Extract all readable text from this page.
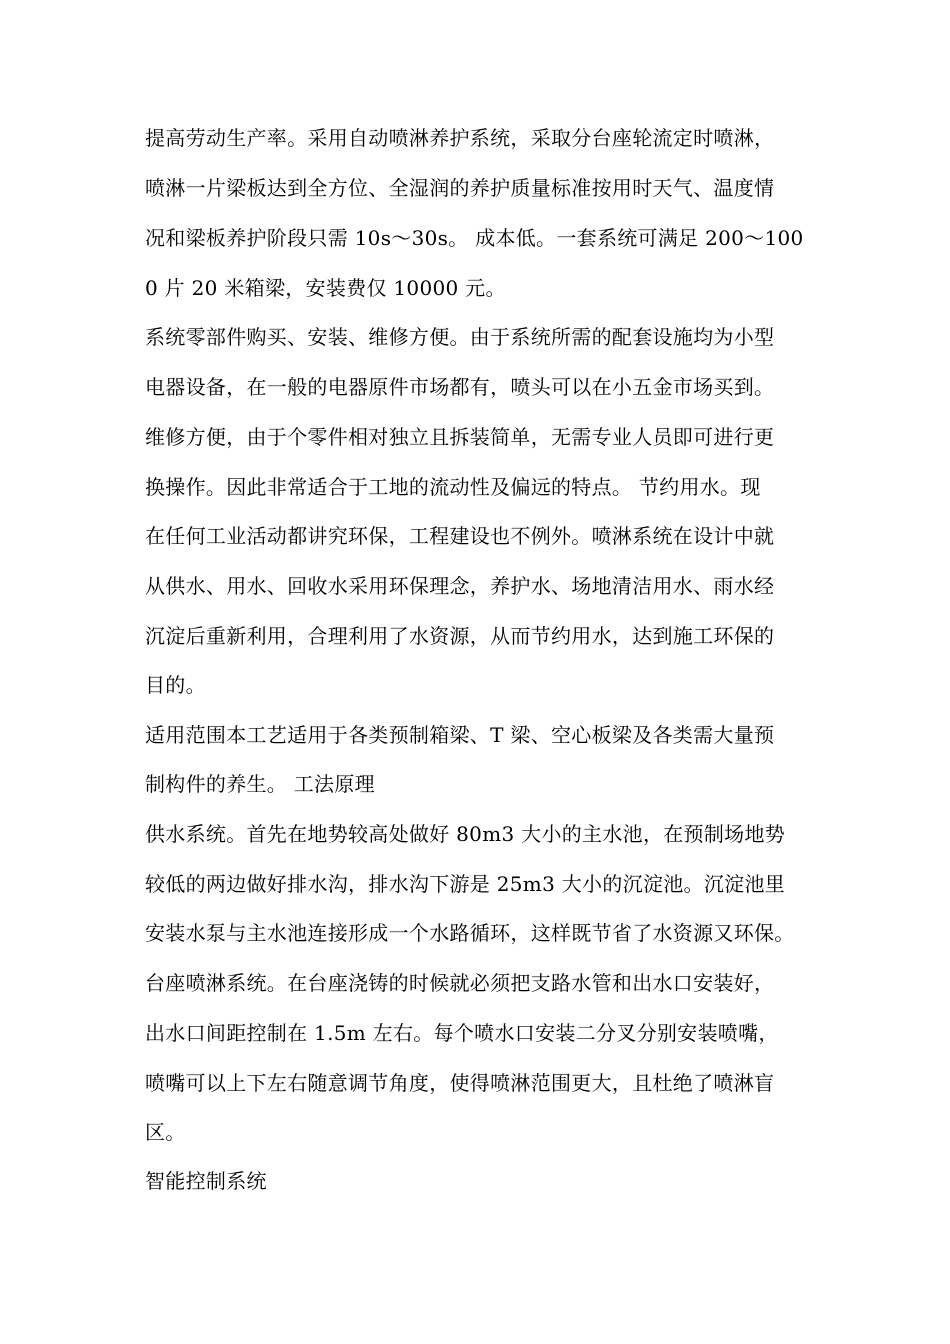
提高劳动生产率。采用自动喷淋养护系统，采取分台座轮流定时喷淋，
喷淋一片梁板达到全方位、全湿润的养护质量标准按用时天气、温度情
况和梁板养护阶段只需 10s～30s。 成本低。一套系统可满足 200～100
0 片 20 米箱梁，安装费仅 10000 元。
系统零部件购买、安装、维修方便。由于系统所需的配套设施均为小型
电器设备，在一般的电器原件市场都有，喷头可以在小五金市场买到。
维修方便，由于个零件相对独立且拆装简单，无需专业人员即可进行更
换操作。因此非常适合于工地的流动性及偏远的特点。 节约用水。现
在任何工业活动都讲究环保，工程建设也不例外。喷淋系统在设计中就
从供水、用水、回收水采用环保理念，养护水、场地清洁用水、雨水经
沉淀后重新利用，合理利用了水资源，从而节约用水，达到施工环保的
目的。
适用范围本工艺适用于各类预制箱梁、T 梁、空心板梁及各类需大量预
制构件的养生。 工法原理
供水系统。首先在地势较高处做好 80m3 大小的主水池，在预制场地势
较低的两边做好排水沟，排水沟下游是 25m3 大小的沉淀池。沉淀池里
安装水泵与主水池连接形成一个水路循环，这样既节省了水资源又环保。
台座喷淋系统。在台座浇铸的时候就必须把支路水管和出水口安装好，
出水口间距控制在 1.5m 左右。每个喷水口安装二分叉分别安装喷嘴，
喷嘴可以上下左右随意调节角度，使得喷淋范围更大，且杜绝了喷淋盲
区。
智能控制系统
